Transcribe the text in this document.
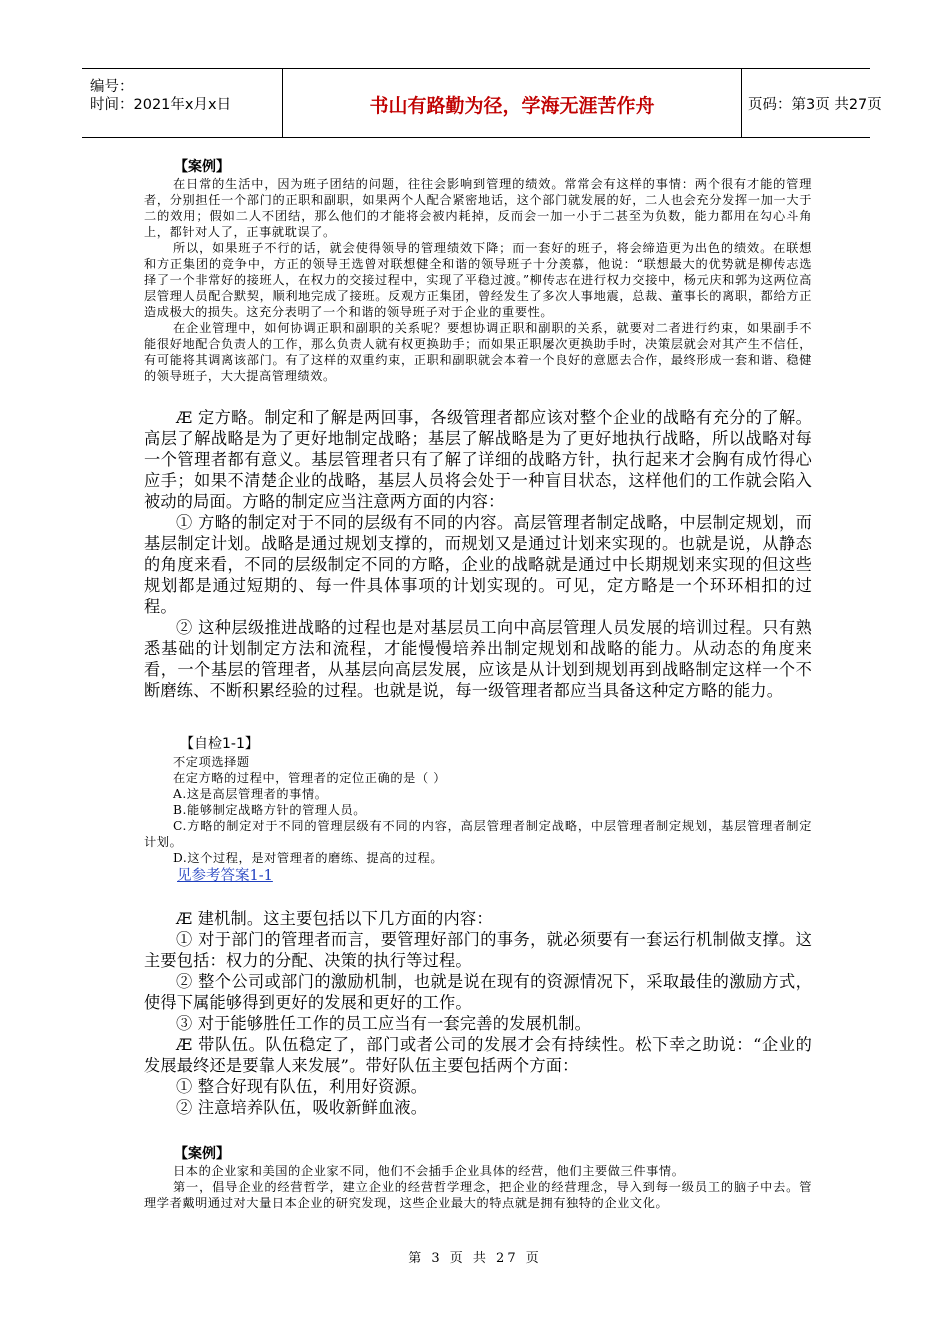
编号：
时间：2021年x月x日	书山有路勤为径，学海无涯苦作舟	页码：第3页 共27页
【案例】

在日常的生活中，因为班子团结的问题，往往会影响到管理的绩效。常常会有这样的事情：两个很有才能的管理者，分别担任一个部门的正职和副职，如果两个人配合紧密地话，这个部门就发展的好，二人也会充分发挥一加一大于二的效用；假如二人不团结，那么他们的才能将会被内耗掉，反而会一加一小于二甚至为负数，能力都用在勾心斗角上，都针对人了，正事就耽误了。

所以，如果班子不行的话，就会使得领导的管理绩效下降；而一套好的班子，将会缔造更为出色的绩效。在联想和方正集团的竞争中，方正的领导王选曾对联想健全和谐的领导班子十分羡慕，他说：“联想最大的优势就是柳传志选择了一个非常好的接班人，在权力的交接过程中，实现了平稳过渡。”柳传志在进行权力交接中，杨元庆和郭为这两位高层管理人员配合默契，顺利地完成了接班。反观方正集团，曾经发生了多次人事地震，总裁、董事长的离职，都给方正造成极大的损失。这充分表明了一个和谐的领导班子对于企业的重要性。

在企业管理中，如何协调正职和副职的关系呢？要想协调正职和副职的关系，就要对二者进行约束，如果副手不能很好地配合负责人的工作，那么负责人就有权更换助手；而如果正职屡次更换助手时，决策层就会对其产生不信任，有可能将其调离该部门。有了这样的双重约束，正职和副职就会本着一个良好的意愿去合作，最终形成一套和谐、稳健的领导班子，大大提高管理绩效。

Æ 定方略。制定和了解是两回事，各级管理者都应该对整个企业的战略有充分的了解。高层了解战略是为了更好地制定战略；基层了解战略是为了更好地执行战略，所以战略对每一个管理者都有意义。基层管理者只有了解了详细的战略方针，执行起来才会胸有成竹得心应手；如果不清楚企业的战略，基层人员将会处于一种盲目状态，这样他们的工作就会陷入被动的局面。方略的制定应当注意两方面的内容：

① 方略的制定对于不同的层级有不同的内容。高层管理者制定战略，中层制定规划，而基层制定计划。战略是通过规划支撑的，而规划又是通过计划来实现的。也就是说，从静态的角度来看，不同的层级制定不同的方略，企业的战略就是通过中长期规划来实现的但这些规划都是通过短期的、每一件具体事项的计划实现的。可见，定方略是一个环环相扣的过程。

② 这种层级推进战略的过程也是对基层员工向中高层管理人员发展的培训过程。只有熟悉基础的计划制定方法和流程，才能慢慢培养出制定规划和战略的能力。从动态的角度来看，一个基层的管理者，从基层向高层发展，应该是从计划到规划再到战略制定这样一个不断磨练、不断积累经验的过程。也就是说，每一级管理者都应当具备这种定方略的能力。

【自检1-1】

不定项选择题

在定方略的过程中，管理者的定位正确的是（ ）

A.这是高层管理者的事情。

B.能够制定战略方针的管理人员。

C.方略的制定对于不同的管理层级有不同的内容，高层管理者制定战略，中层管理者制定规划，基层管理者制定计划。

D.这个过程，是对管理者的磨练、提高的过程。

见参考答案1-1

Æ 建机制。这主要包括以下几方面的内容：

① 对于部门的管理者而言，要管理好部门的事务，就必须要有一套运行机制做支撑。这主要包括：权力的分配、决策的执行等过程。

② 整个公司或部门的激励机制，也就是说在现有的资源情况下，采取最佳的激励方式，使得下属能够得到更好的发展和更好的工作。

③ 对于能够胜任工作的员工应当有一套完善的发展机制。

Æ 带队伍。队伍稳定了，部门或者公司的发展才会有持续性。松下幸之助说：“企业的发展最终还是要靠人来发展”。带好队伍主要包括两个方面：

① 整合好现有队伍，利用好资源。

② 注意培养队伍，吸收新鲜血液。

【案例】

日本的企业家和美国的企业家不同，他们不会插手企业具体的经营，他们主要做三件事情。

第一，倡导企业的经营哲学，建立企业的经营哲学理念，把企业的经营理念，导入到每一级员工的脑子中去。管理学者戴明通过对大量日本企业的研究发现，这些企业最大的特点就是拥有独特的企业文化。

第 3 页 共 27 页
